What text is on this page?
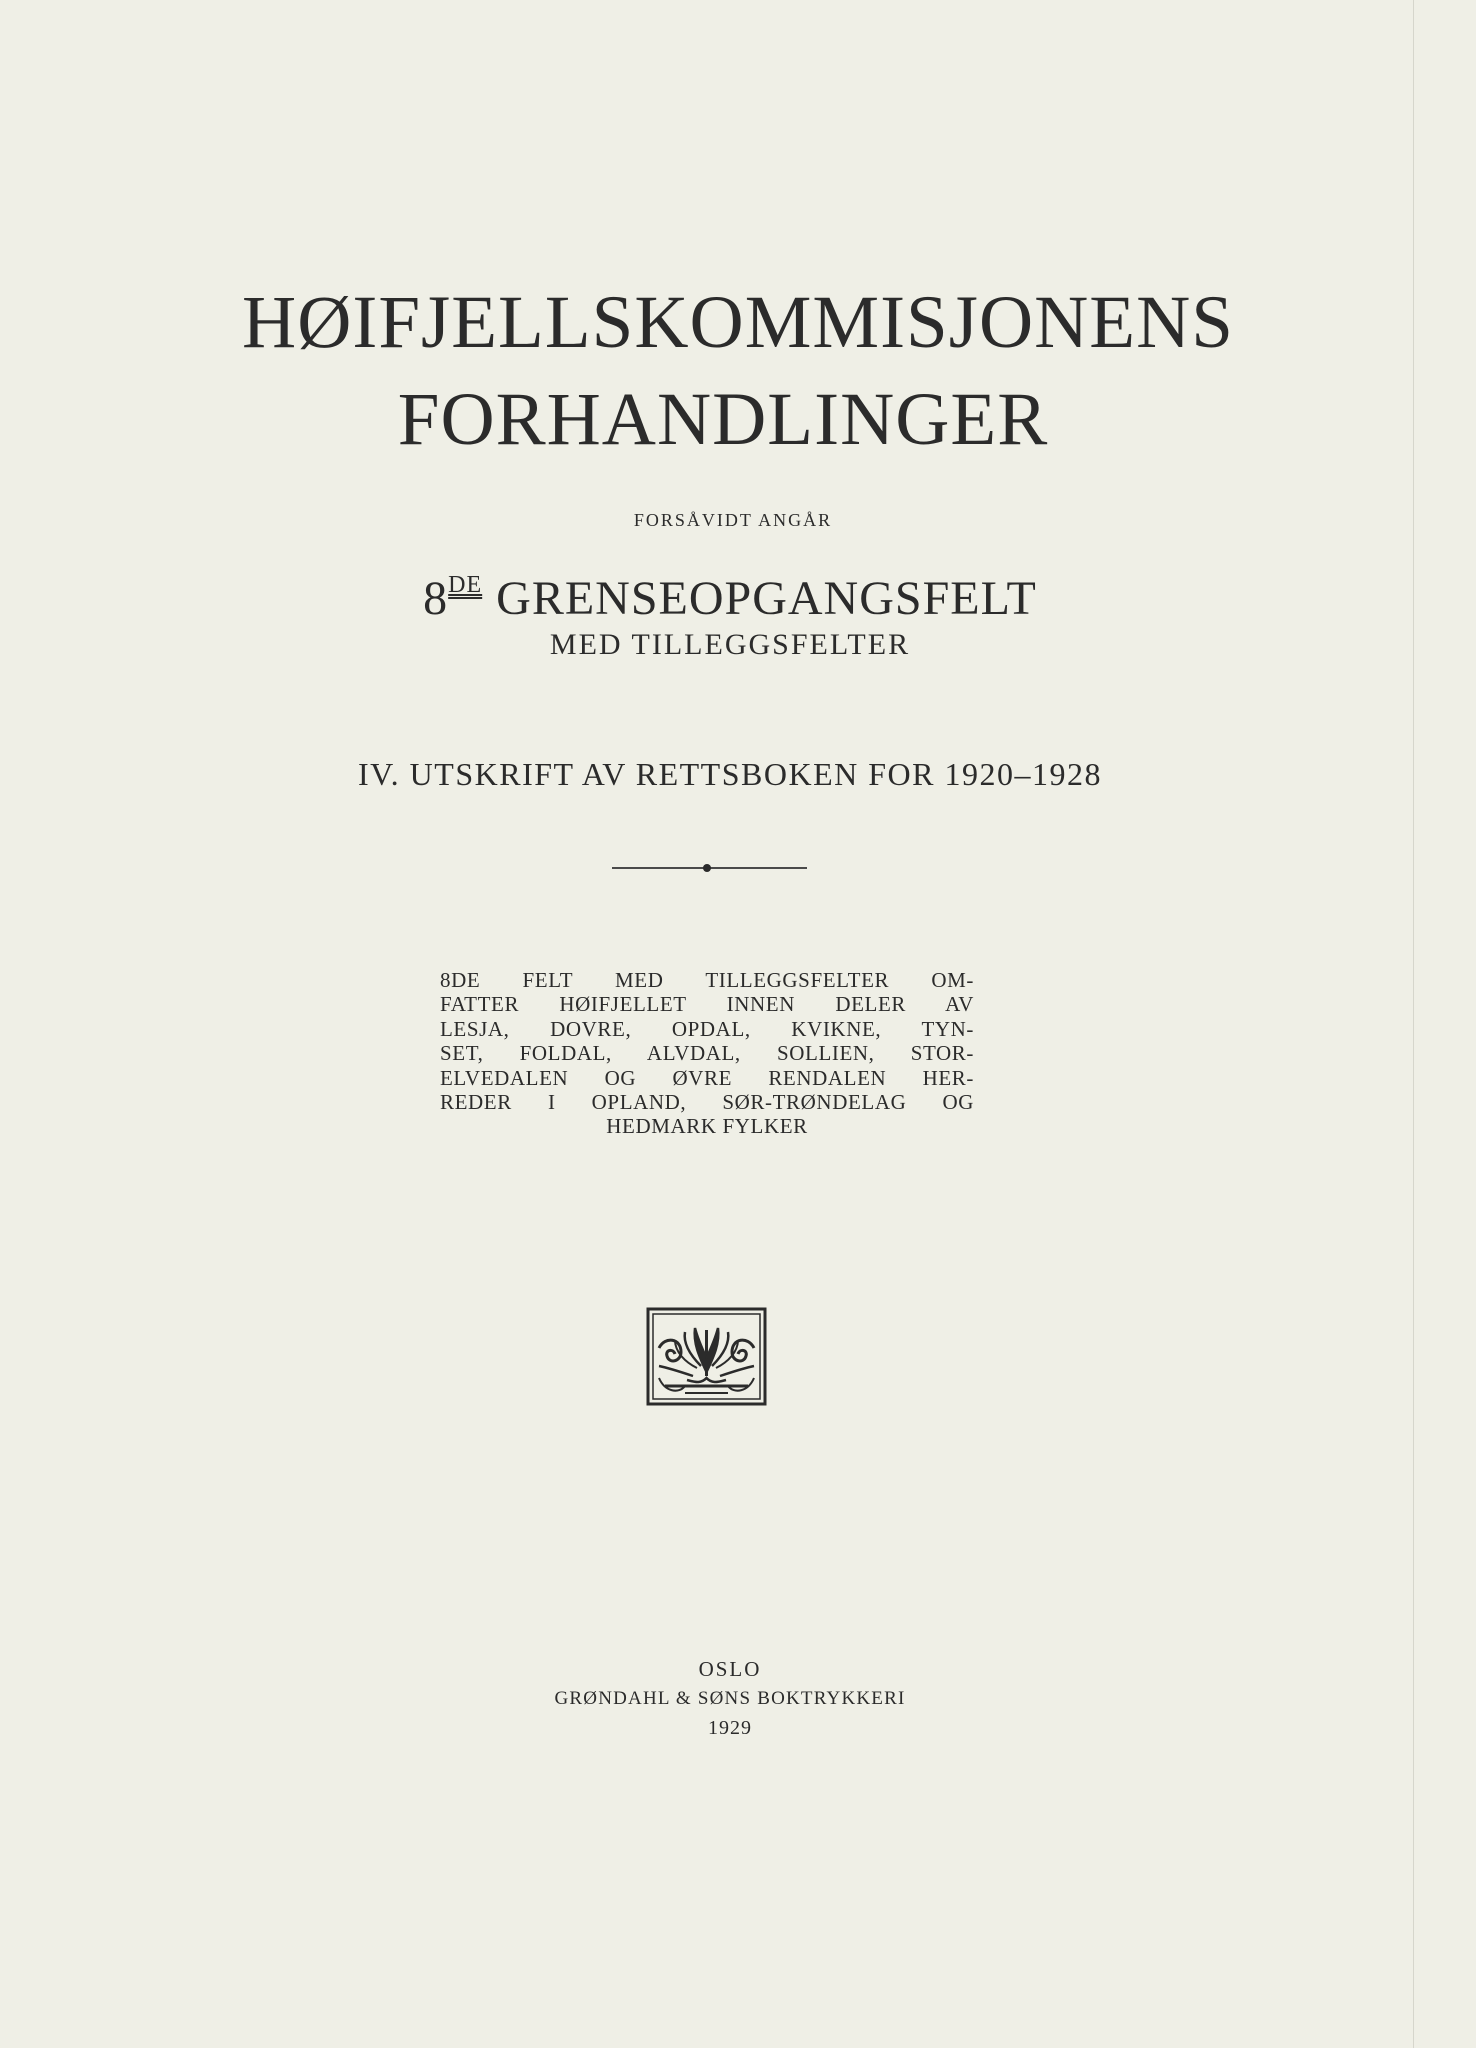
HØIFJELLSKOMMISJONENS
FORHANDLINGER
FORSÅVIDT ANGÅR
8DE GRENSEOPGANGSFELT
MED TILLEGGSFELTER
IV. UTSKRIFT AV RETTSBOKEN FOR 1920–1928
8DE FELT MED TILLEGGSFELTER OM-
FATTER HØIFJELLET INNEN DELER AV
LESJA, DOVRE, OPDAL, KVIKNE, TYN-
SET, FOLDAL, ALVDAL, SOLLIEN, STOR-
ELVEDALEN OG ØVRE RENDALEN HER-
REDER I OPLAND, SØR-TRØNDELAG OG
HEDMARK FYLKER
OSLO
GRØNDAHL & SØNS BOKTRYKKERI
1929
